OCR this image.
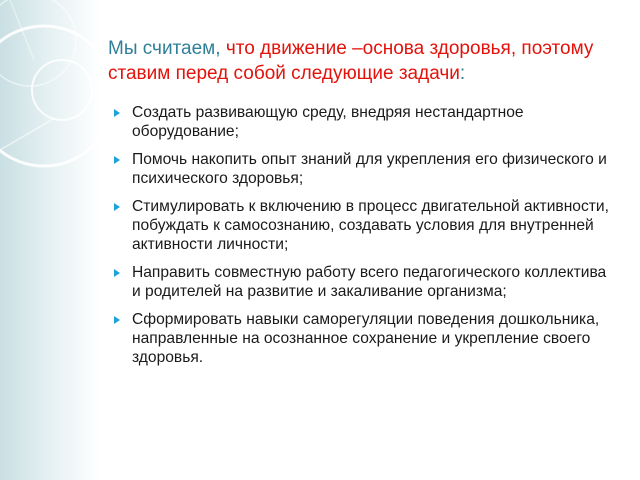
Мы считаем, что движение –основа здоровья, поэтому ставим перед собой следующие задачи:
Создать развивающую среду, внедряя нестандартное оборудование;
Помочь накопить опыт знаний для укрепления его физического и психического здоровья;
Стимулировать к включению в процесс двигательной активности, побуждать к самосознанию, создавать условия для внутренней активности личности;
Направить совместную работу всего педагогического коллектива и родителей на развитие и закаливание организма;
Сформировать навыки саморегуляции поведения дошкольника, направленные на осознанное сохранение и укрепление своего здоровья.
